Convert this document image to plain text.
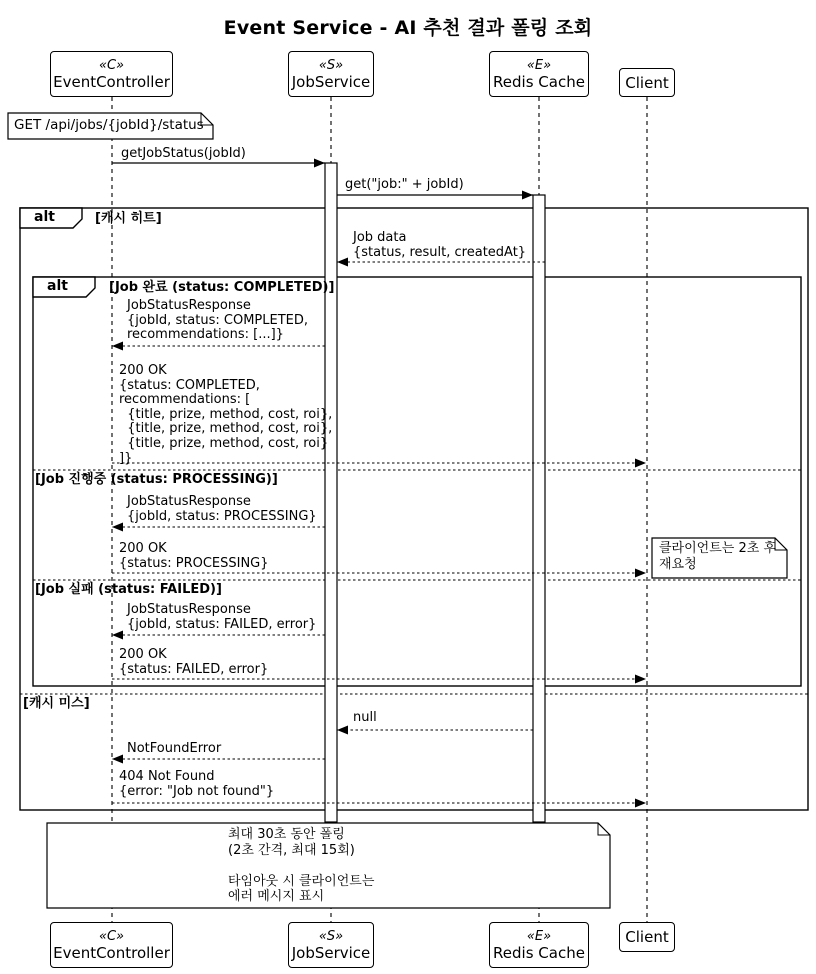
Event Service - AI 추천 결과 폴링 조회
alt	[캐시 히트]
alt	[Job 완료 (status: COMPLETED)]
[Job 진행중 (status: PROCESSING)]
[Job 실패 (status: FAILED)]
[캐시 미스]
getJobStatus(jobId)
get("job:" + jobId)
Job data
{status, result, createdAt}
JobStatusResponse
{jobId, status: COMPLETED,
recommendations: [...]}
200 OK
{status: COMPLETED,
recommendations: [
{title, prize, method, cost, roi},
{title, prize, method, cost, roi},
{title, prize, method, cost, roi}
]}
JobStatusResponse
{jobId, status: PROCESSING}
200 OK
{status: PROCESSING}
JobStatusResponse
{jobId, status: FAILED, error}
200 OK
{status: FAILED, error}
null
NotFoundError
404 Not Found
{error: "Job not found"}
GET /api/jobs/{jobId}/status
클라이언트는 2초 후
재요청
최대 30초 동안 폴링
(2초 간격, 최대 15회)

타임아웃 시 클라이언트는
에러 메시지 표시
«C»
EventController
«C»
EventController
«S»
JobService
«S»
JobService
«E»
Redis Cache
«E»
Redis Cache
Client
Client
